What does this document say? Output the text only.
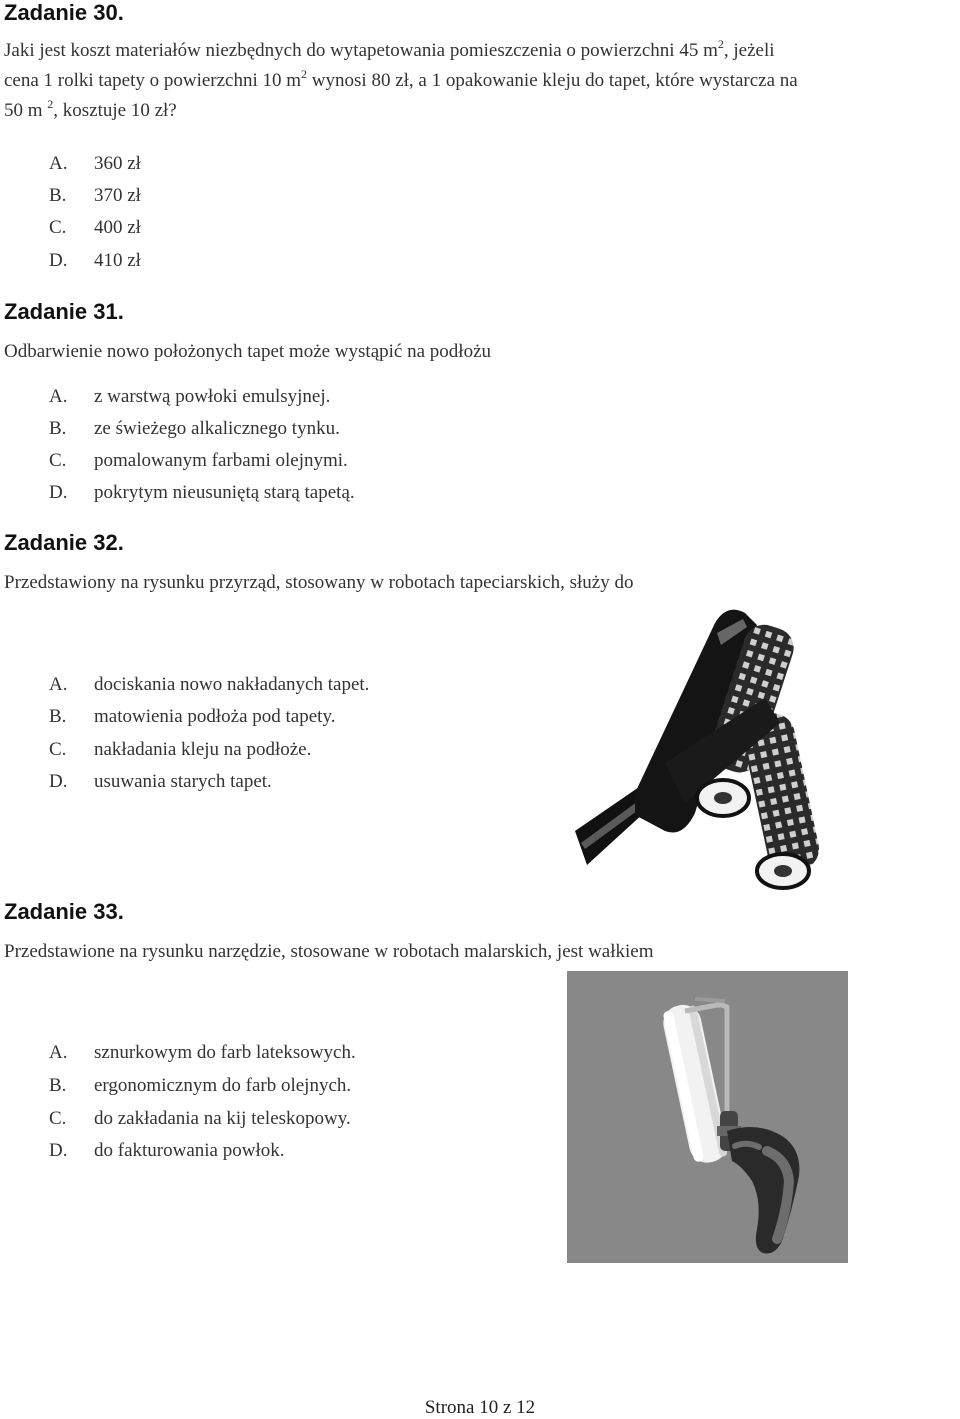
Zadanie 30.
Jaki jest koszt materiałów niezbędnych do wytapetowania pomieszczenia o powierzchni 45 $m^2$, jeżeli
cena 1 rolki tapety o powierzchni 10 $m^2$ wynosi 80 zł, a 1 opakowanie kleju do tapet, które wystarcza na
50 m $^2$, kosztuje 10 zł?
A. 360 zł
B. 370 zł
C. 400 zł
D. 410 zł
Zadanie 31.
Odbarwienie nowo położonych tapet może wystąpić na podłożu
A. z warstwą powłoki emulsyjnej.
B. ze świeżego alkalicznego tynku.
C. pomalowanym farbami olejnymi.
D. pokrytym nieusuniętą starą tapetą.
Zadanie 32.
Przedstawiony na rysunku przyrząd, stosowany w robotach tapeciarskich, służy do
A. dociskania nowo nakładanych tapet.
B. matowienia podłoża pod tapety.
C. nakładania kleju na podłoże.
D. usuwania starych tapet.
Zadanie 33.
Przedstawione na rysunku narzędzie, stosowane w robotach malarskich, jest wałkiem
A. sznurkowym do farb lateksowych.
B. ergonomicznym do farb olejnych.
C. do zakładania na kij teleskopowy.
D. do fakturowania powłok.
Strona 10 z 12
